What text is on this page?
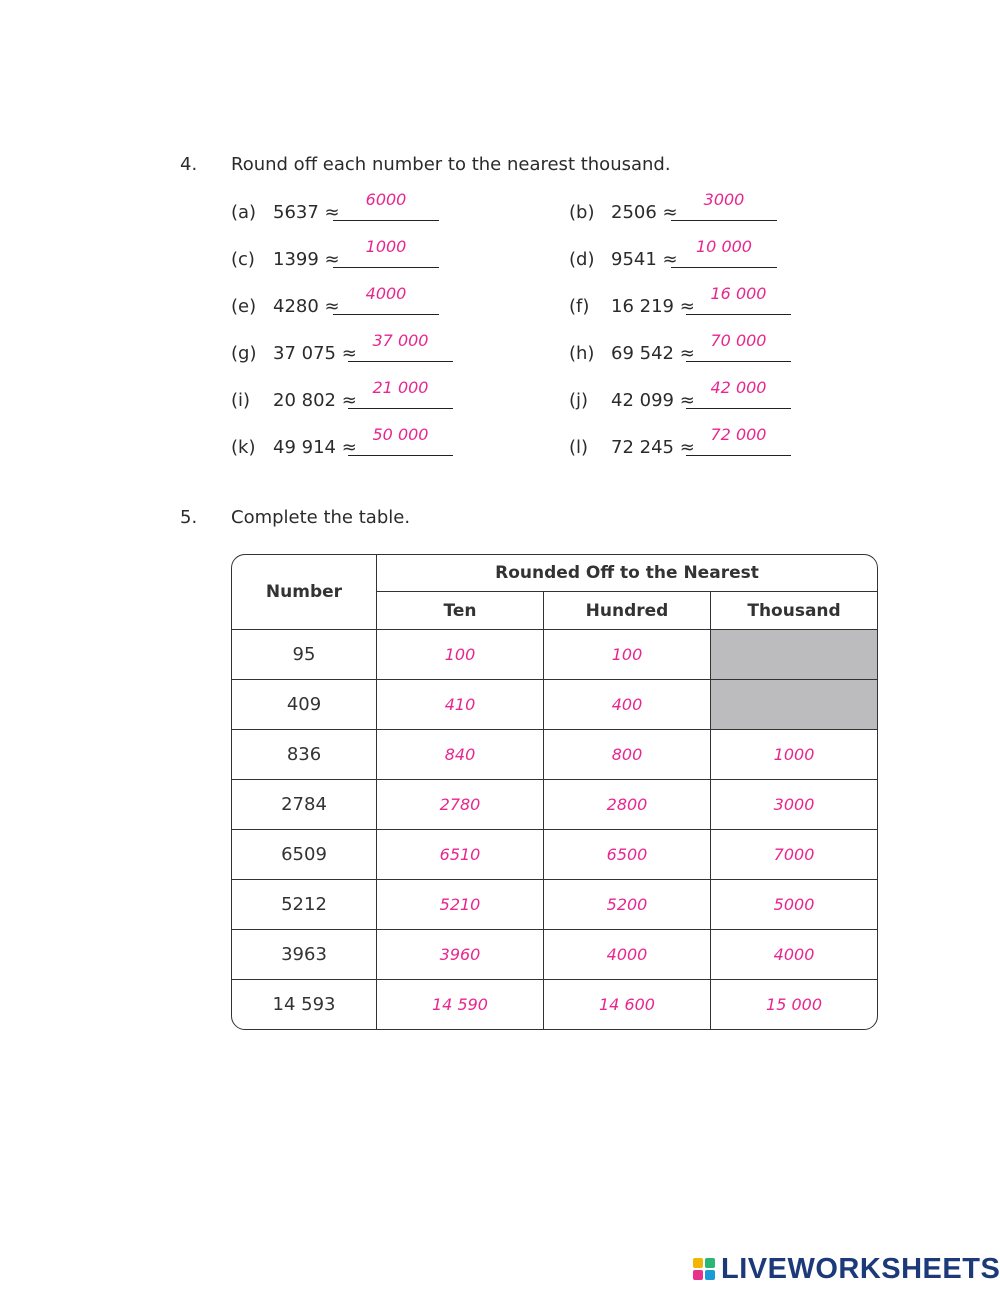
4. Round off each number to the nearest thousand.
(a) 5637 ≈
6000
(b) 2506 ≈
3000
(c) 1399 ≈
1000
(d) 9541 ≈
10 000
(e) 4280 ≈
4000
(f) 16 219 ≈
16 000
(g) 37 075 ≈
37 000
(h) 69 542 ≈
70 000
(i) 20 802 ≈
21 000
(j) 42 099 ≈
42 000
(k) 49 914 ≈
50 000
(l) 72 245 ≈
72 000
5. Complete the table.
Number	Rounded Off to the Nearest		
	Ten	Hundred	Thousand
95	100	100	
409	410	400	
836	840	800	1000
2784	2780	2800	3000
6509	6510	6500	7000
5212	5210	5200	5000
3963	3960	4000	4000
14 593	14 590	14 600	15 000
LIVEWORKSHEETS
